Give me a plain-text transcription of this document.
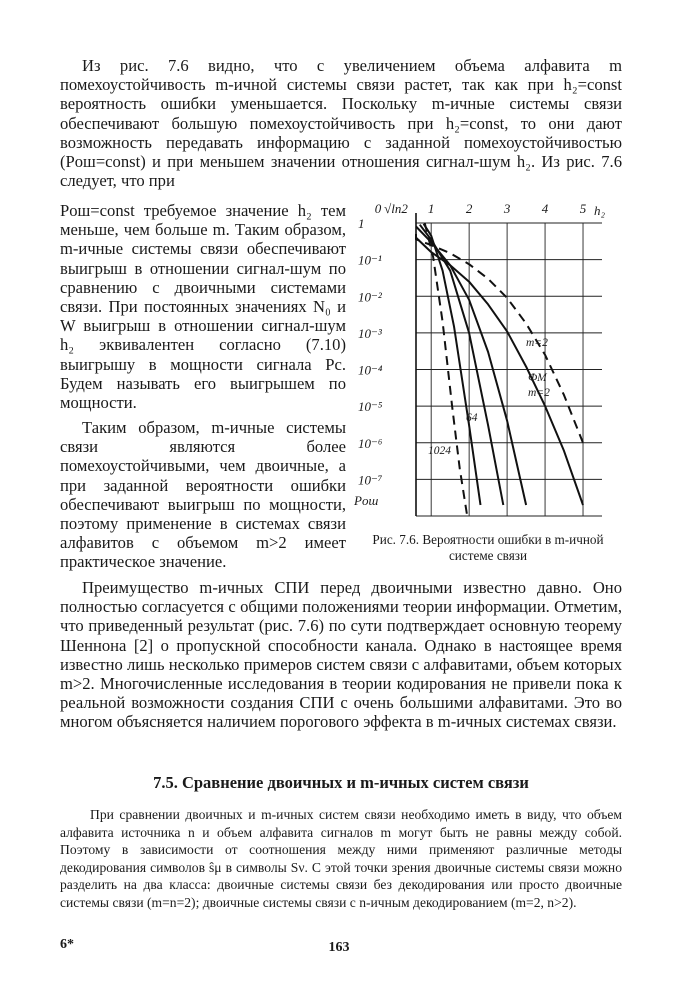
Из рис. 7.6 видно, что с увеличением объема алфавита m помехоустойчивость m-ичной системы связи растет, так как при h₂=const вероятность ошибки уменьшается. Поскольку m-ичные системы связи обеспечивают большую помехоустойчивость при h₂=const, то они дают возможность передавать информацию с заданной помехоустойчивостью (Pош=const) и при меньшем значении отношения сигнал-шум h₂. Из рис. 7.6 следует, что при

Pош=const требуемое значение h₂ тем меньше, чем больше m. Таким образом, m-ичные системы связи обеспечивают выигрыш в отношении сигнал-шум по сравнению с двоичными системами связи. При постоянных значениях N₀ и W выигрыш в отношении сигнал-шум h₂ эквивалентен согласно (7.10) выигрышу в мощности сигнала Pc. Будем называть его выигрышем по мощности.

Таким образом, m-ичные системы связи являются более помехоустойчивыми, чем двоичные, а при заданной вероятности ошибки обеспечивают выигрыш по мощности, поэтому применение в системах связи алфавитов с объемом m>2 имеет практическое значение.

0 √ln2 1 2 3 4 5 h₂
1
10⁻¹
10⁻²
10⁻³
10⁻⁴
10⁻⁵
10⁻⁶
10⁻⁷
Pош
m=2
ФМ
m=2
64
1024

Рис. 7.6. Вероятности ошибки в m-ичной системе связи

Преимущество m-ичных СПИ перед двоичными известно давно. Оно полностью согласуется с общими положениями теории информации. Отметим, что приведенный результат (рис. 7.6) по сути подтверждает основную теорему Шеннона [2] о пропускной способности канала. Однако в настоящее время известно лишь несколько примеров систем связи с алфавитами, объем которых m>2. Многочисленные исследования в теории кодирования не привели пока к реальной возможности создания СПИ с очень большими алфавитами. Это во многом объясняется наличием порогового эффекта в m-ичных системах связи.

7.5. Сравнение двоичных и m-ичных систем связи

При сравнении двоичных и m-ичных систем связи необходимо иметь в виду, что объем алфавита источника n и объем алфавита сигналов m могут быть не равны между собой. Поэтому в зависимости от соотношения между ними применяют различные методы декодирования символов ŝμ в символы Sν. С этой точки зрения двоичные системы связи можно разделить на два класса: двоичные системы связи без декодирования или просто двоичные системы связи (m=n=2); двоичные системы связи с n-ичным декодированием (m=2, n>2).

6*	163
